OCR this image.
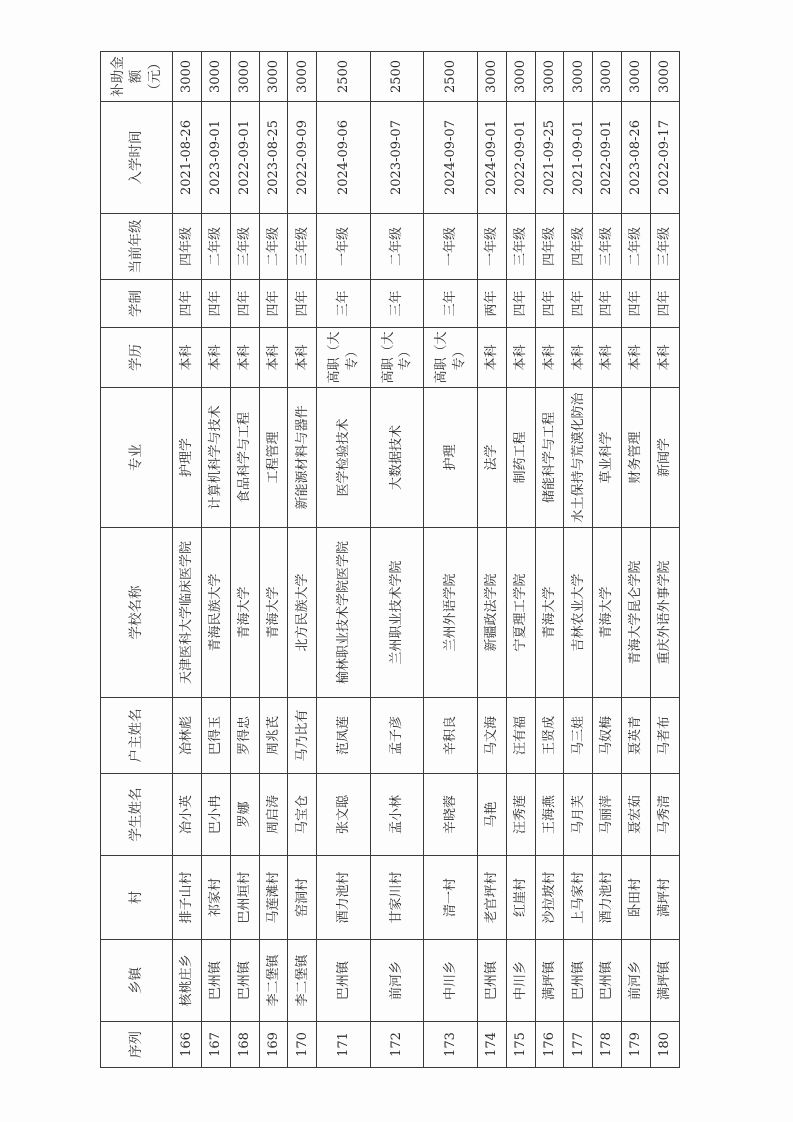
序列	乡镇	村	学生姓名	户主姓名	学校名称	专业	学历	学制	当前年级	入学时间	补助金额（元）
166	核桃庄乡	排子山村	冶小英	冶林彪	天津医科大学临床医学院	护理学	本科	四年	四年级	2021-08-26	3000
167	巴州镇	祁家村	巴小冉	巴得玉	青海民族大学	计算机科学与技术	本科	四年	二年级	2023-09-01	3000
168	巴州镇	巴州垣村	罗娜	罗得忠	青海大学	食品科学与工程	本科	四年	三年级	2022-09-01	3000
169	李二堡镇	马莲滩村	周启涛	周兆芪	青海大学	工程管理	本科	四年	二年级	2023-08-25	3000
170	李二堡镇	窑洞村	马宝仓	马乃比有	北方民族大学	新能源材料与器件	本科	四年	三年级	2022-09-09	3000
171	巴州镇	酒力池村	张文聪	范凤莲	榆林职业技术学院医学院	医学检验技术	高职（大专）	三年	一年级	2024-09-06	2500
172	前河乡	甘家川村	孟小林	孟子彦	兰州职业技术学院	大数据技术	高职（大专）	三年	二年级	2023-09-07	2500
173	中川乡	清一村	辛晓蓉	辛积良	兰州外语学院	护理	高职（大专）	三年	一年级	2024-09-07	2500
174	巴州镇	老官坪村	马艳	马文海	新疆政法学院	法学	本科	两年	一年级	2024-09-01	3000
175	中川乡	红崖村	汪秀莲	汪有福	宁夏理工学院	制药工程	本科	四年	三年级	2022-09-01	3000
176	满坪镇	沙拉坡村	王海燕	王贤成	青海大学	储能科学与工程	本科	四年	四年级	2021-09-25	3000
177	巴州镇	上马家村	马月芙	马三娃	吉林农业大学	水土保持与荒漠化防治	本科	四年	四年级	2021-09-01	3000
178	巴州镇	酒力池村	马丽萍	马奴梅	青海大学	草业科学	本科	四年	三年级	2022-09-01	3000
179	前河乡	卧田村	聂宏茹	聂英青	青海大学昆仑学院	财务管理	本科	四年	二年级	2023-08-26	3000
180	满坪镇	满坪村	马秀清	马者布	重庆外语外事学院	新闻学	本科	四年	三年级	2022-09-17	3000
